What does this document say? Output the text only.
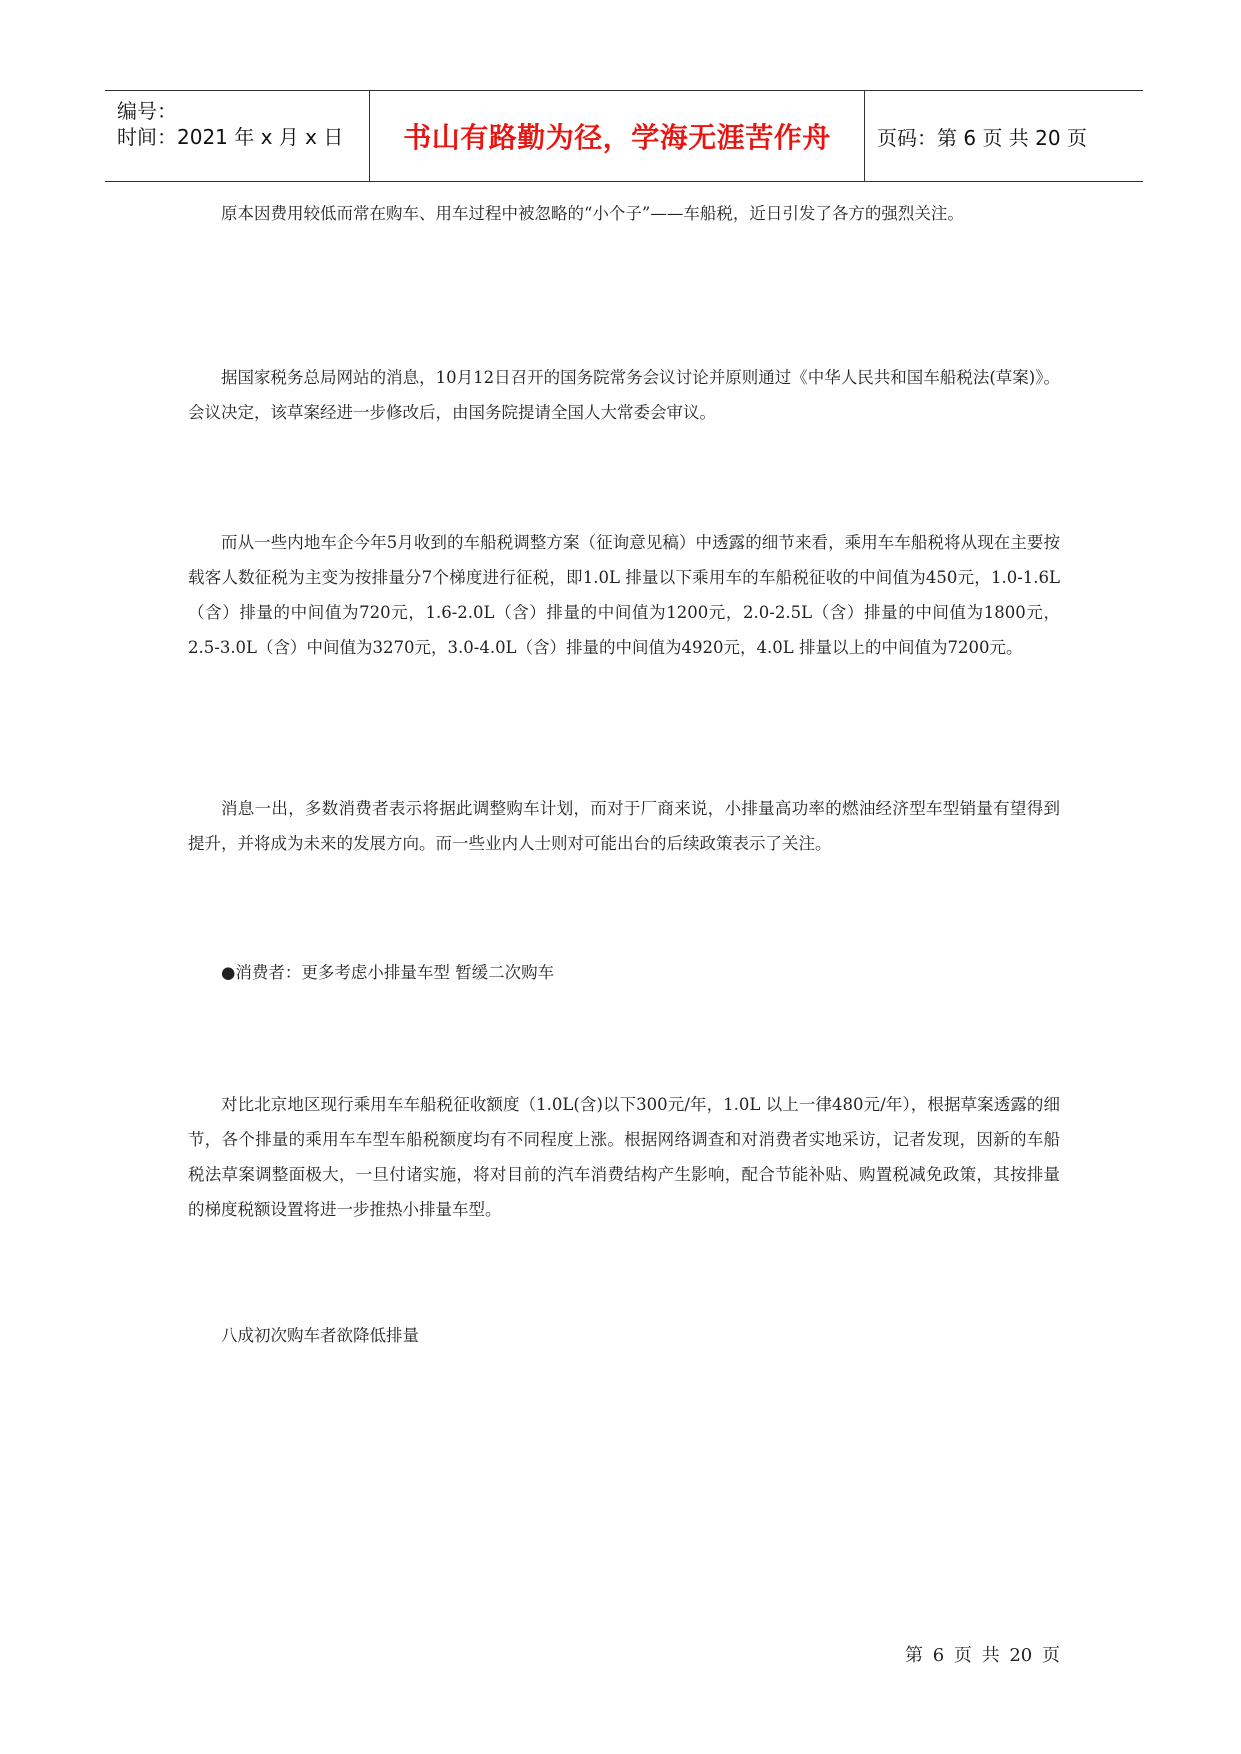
编号：
时间：2021 年 x 月 x 日	书山有路勤为径，学海无涯苦作舟	页码：第 6 页 共 20 页

原本因费用较低而常在购车、用车过程中被忽略的“小个子”——车船税，近日引发了各方的强烈关注。

据国家税务总局网站的消息，10月12日召开的国务院常务会议讨论并原则通过《中华人民共和国车船税法(草案)》。会议决定，该草案经进一步修改后，由国务院提请全国人大常委会审议。

而从一些内地车企今年5月收到的车船税调整方案（征询意见稿）中透露的细节来看，乘用车车船税将从现在主要按载客人数征税为主变为按排量分7个梯度进行征税，即1.0L 排量以下乘用车的车船税征收的中间值为450元，1.0-1.6L（含）排量的中间值为720元，1.6-2.0L（含）排量的中间值为1200元，2.0-2.5L（含）排量的中间值为1800元，2.5-3.0L（含）中间值为3270元，3.0-4.0L（含）排量的中间值为4920元，4.0L 排量以上的中间值为7200元。

消息一出，多数消费者表示将据此调整购车计划，而对于厂商来说，小排量高功率的燃油经济型车型销量有望得到提升，并将成为未来的发展方向。而一些业内人士则对可能出台的后续政策表示了关注。

●消费者：更多考虑小排量车型 暂缓二次购车

对比北京地区现行乘用车车船税征收额度（1.0L(含)以下300元/年，1.0L 以上一律480元/年），根据草案透露的细节，各个排量的乘用车车型车船税额度均有不同程度上涨。根据网络调查和对消费者实地采访，记者发现，因新的车船税法草案调整面极大，一旦付诸实施，将对目前的汽车消费结构产生影响，配合节能补贴、购置税减免政策，其按排量的梯度税额设置将进一步推热小排量车型。

八成初次购车者欲降低排量

第 6 页 共 20 页
